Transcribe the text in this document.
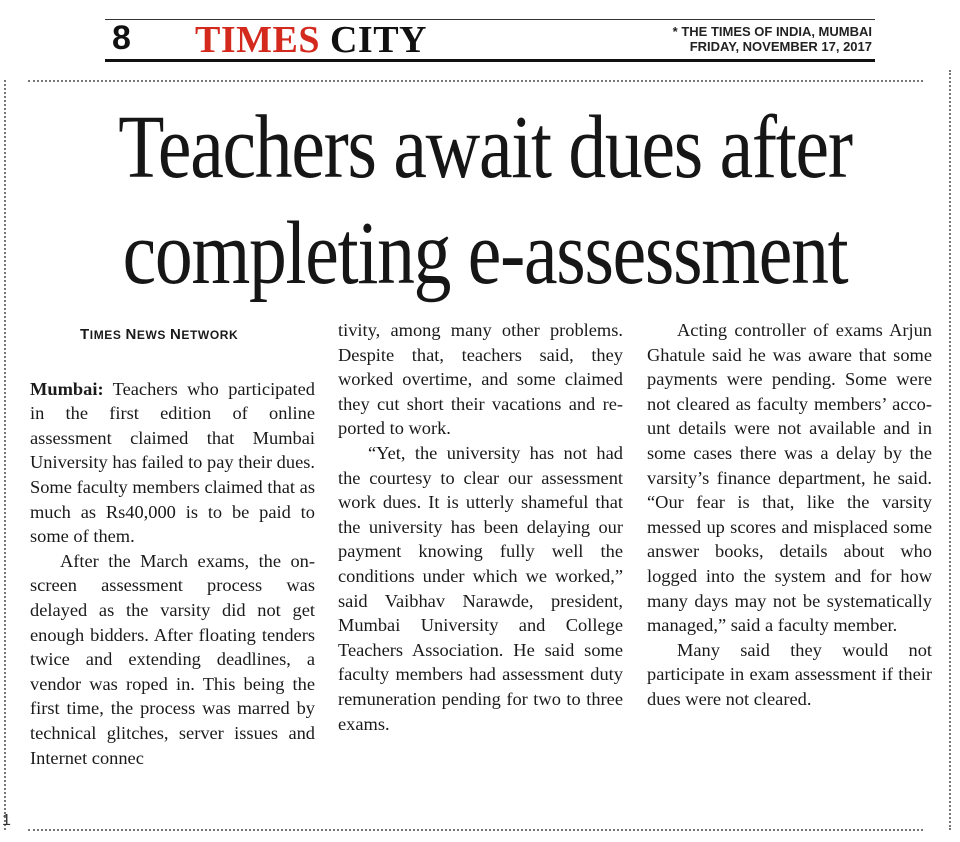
8 TIMES CITY	* THE TIMES OF INDIA, MUMBAI
FRIDAY, NOVEMBER 17, 2017
1
Teachers await dues after completing e-assessment
TIMES NEWS NETWORK

Mumbai: Teachers who participated in the first edition of online assessment claimed that Mumbai University has failed to pay their dues. Some faculty members claimed that as much as Rs40,000 is to be paid to some of them.

After the March exams, the on-screen assessment process was delayed as the varsity did not get enough bidders. After floating tenders twice and extending deadlines, a vendor was roped in. This being the first time, the process was marred by technical glitches, server issues and Internet connec

tivity, among many other problems. Despite that, teachers said, they worked overtime, and some claimed they cut short their vacations and reported to work.

“Yet, the university has not had the courtesy to clear our assessment work dues. It is utterly shameful that the university has been delaying our payment knowing fully well the conditions under which we worked,” said Vaibhav Narawde, president, Mumbai University and College Teachers Association. He said some faculty members had assessment duty remuneration pending for two to three exams.

Acting controller of exams Arjun Ghatule said he was aware that some payments were pending. Some were not cleared as faculty members’ account details were not available and in some cases there was a delay by the varsity’s finance department, he said. “Our fear is that, like the varsity messed up scores and misplaced some answer books, details about who logged into the system and for how many days may not be systematically managed,” said a faculty member.

Many said they would not participate in exam assessment if their dues were not cleared.
